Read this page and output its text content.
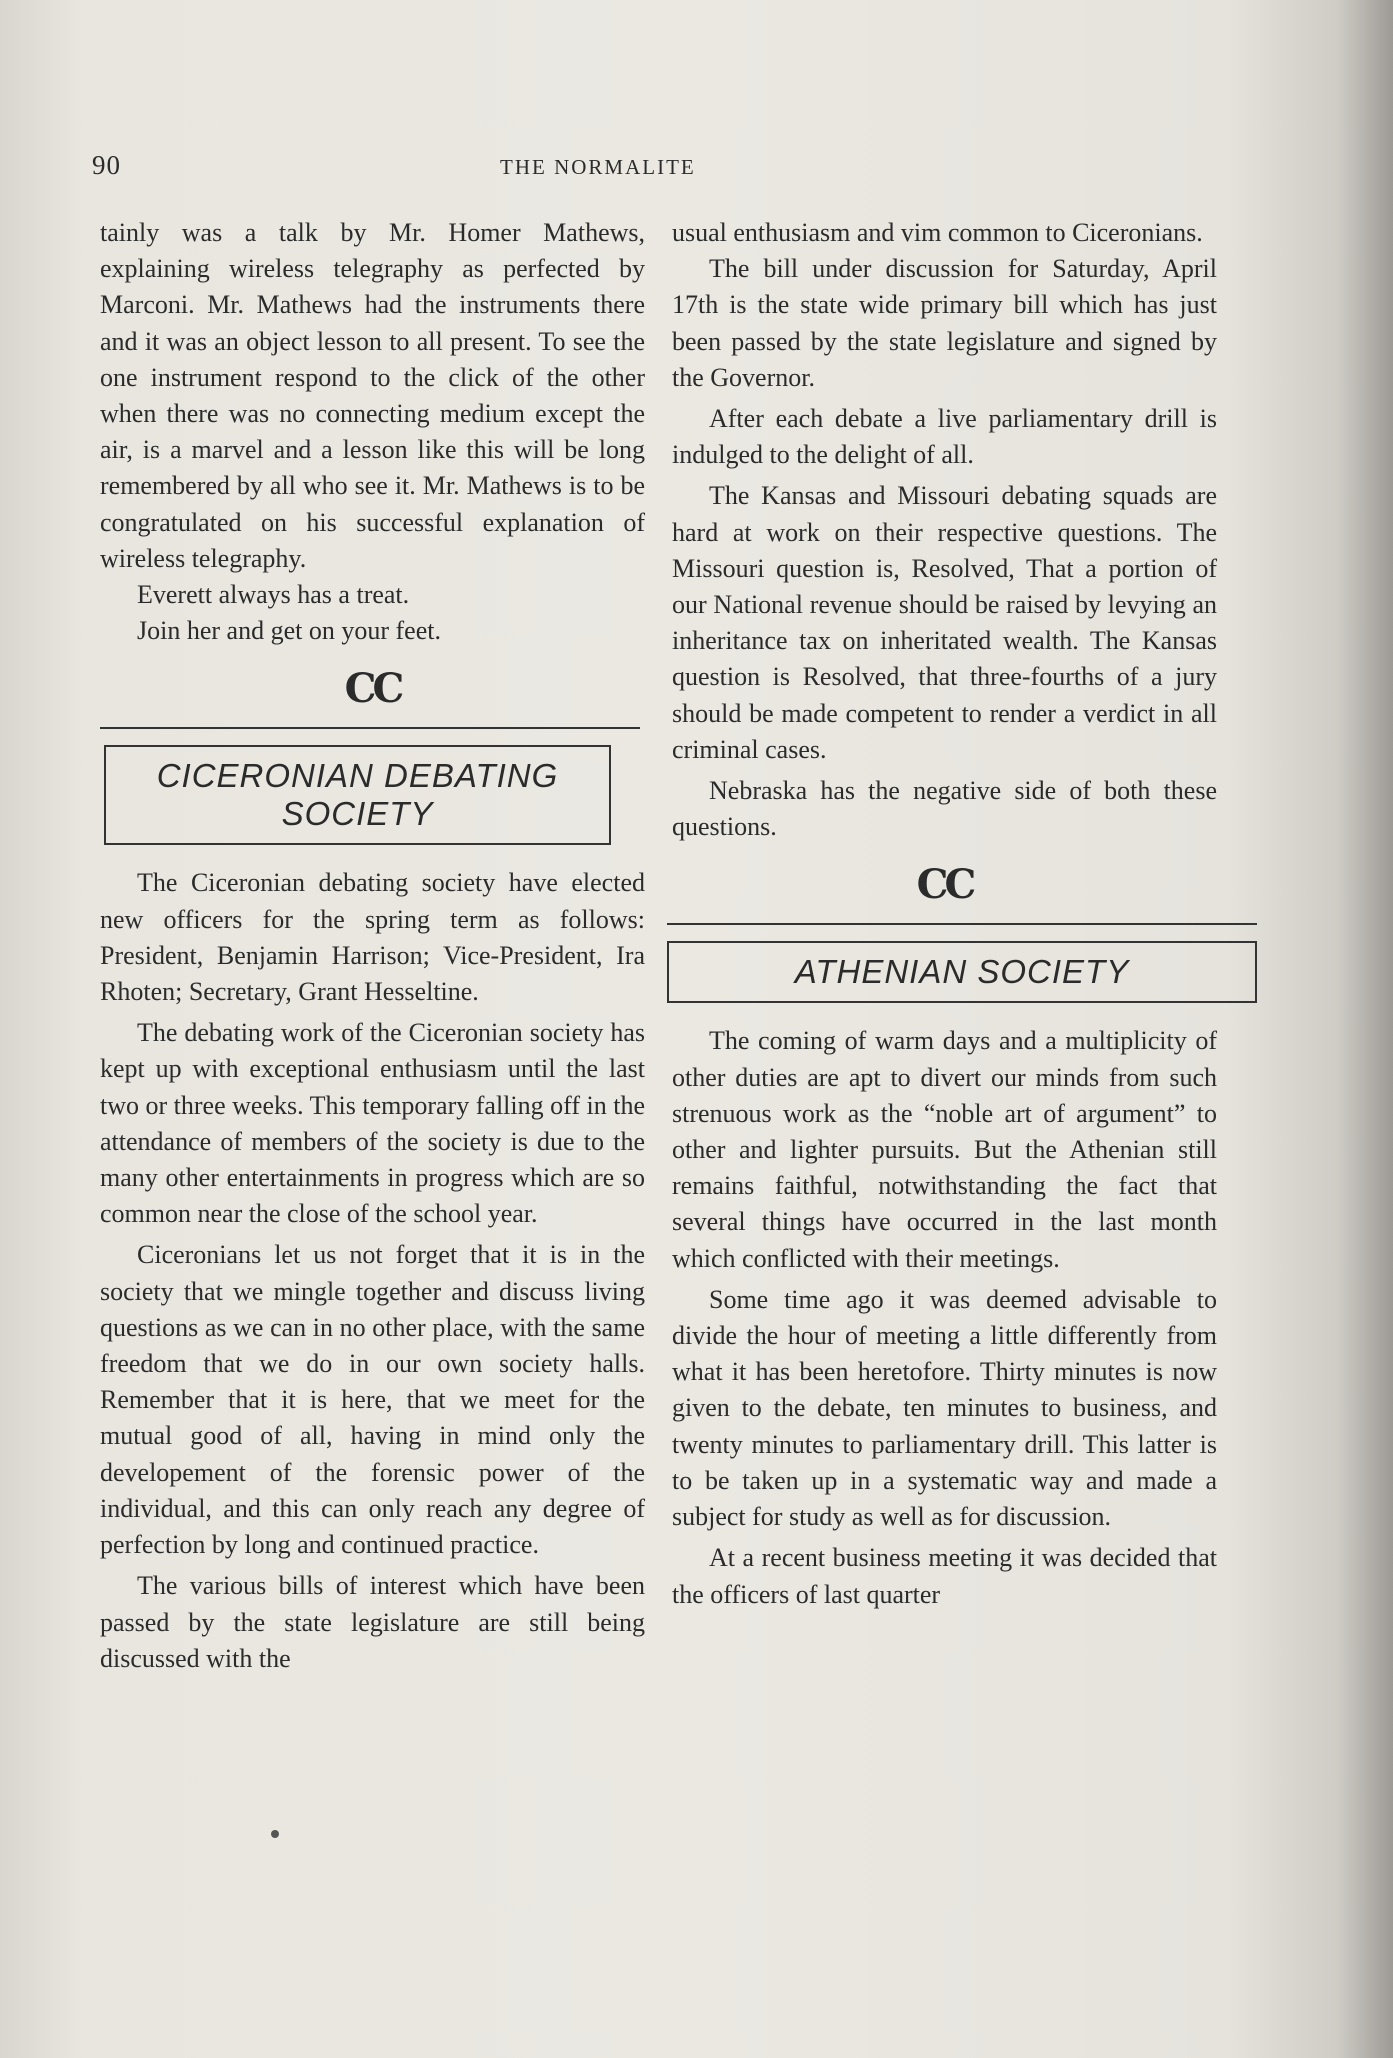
90	THE NORMALITE

tainly was a talk by Mr. Homer Mathews, explaining wireless telegraphy as perfected by Marconi. Mr. Mathews had the instruments there and it was an object lesson to all present. To see the one instrument respond to the click of the other when there was no connecting medium except the air, is a marvel and a lesson like this will be long remembered by all who see it. Mr. Mathews is to be congratulated on his successful explanation of wireless telegraphy.

Everett always has a treat.

Join her and get on your feet.

CC
CICERONIAN DEBATING SOCIETY

The Ciceronian debating society have elected new officers for the spring term as follows: President, Benjamin Harrison; Vice-President, Ira Rhoten; Secretary, Grant Hesseltine.

The debating work of the Ciceronian society has kept up with exceptional enthusiasm until the last two or three weeks. This temporary falling off in the attendance of members of the society is due to the many other entertainments in progress which are so common near the close of the school year.

Ciceronians let us not forget that it is in the society that we mingle together and discuss living questions as we can in no other place, with the same freedom that we do in our own society halls. Remember that it is here, that we meet for the mutual good of all, having in mind only the developement of the forensic power of the individual, and this can only reach any degree of perfection by long and continued practice.

The various bills of interest which have been passed by the state legislature are still being discussed with the

usual enthusiasm and vim common to Ciceronians.

The bill under discussion for Saturday, April 17th is the state wide primary bill which has just been passed by the state legislature and signed by the Governor.

After each debate a live parliamentary drill is indulged to the delight of all.

The Kansas and Missouri debating squads are hard at work on their respective questions. The Missouri question is, Resolved, That a portion of our National revenue should be raised by levying an inheritance tax on inheritated wealth. The Kansas question is Resolved, that three-fourths of a jury should be made competent to render a verdict in all criminal cases.

Nebraska has the negative side of both these questions.

CC
ATHENIAN SOCIETY

The coming of warm days and a multiplicity of other duties are apt to divert our minds from such strenuous work as the “noble art of argument” to other and lighter pursuits. But the Athenian still remains faithful, notwithstanding the fact that several things have occurred in the last month which conflicted with their meetings.

Some time ago it was deemed advisable to divide the hour of meeting a little differently from what it has been heretofore. Thirty minutes is now given to the debate, ten minutes to business, and twenty minutes to parliamentary drill. This latter is to be taken up in a systematic way and made a subject for study as well as for discussion.

At a recent business meeting it was decided that the officers of last quarter
